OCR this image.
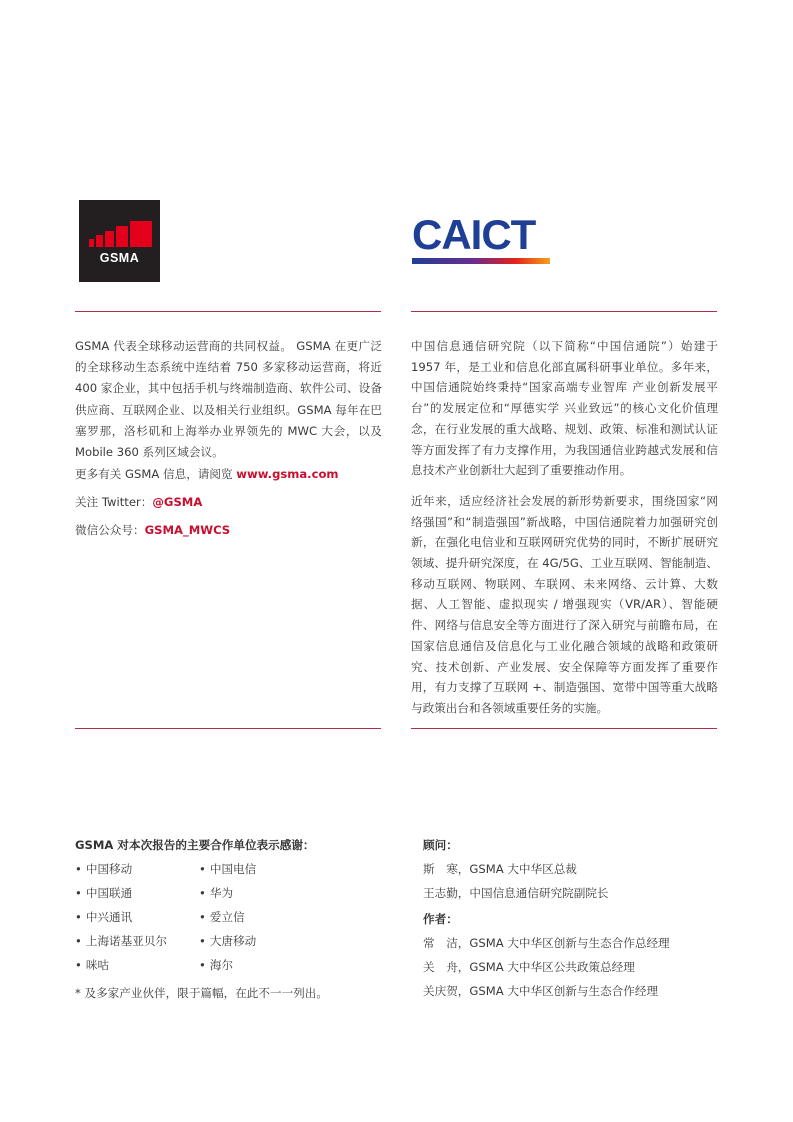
GSMA	CAICT

GSMA 代表全球移动运营商的共同权益。 GSMA 在更广泛的全球移动生态系统中连结着 750 多家移动运营商，将近 400 家企业，其中包括手机与终端制造商、软件公司、设备供应商、互联网企业、以及相关行业组织。GSMA 每年在巴塞罗那，洛杉矶和上海举办业界领先的 MWC 大会，以及 Mobile 360 系列区域会议。

更多有关 GSMA 信息，请阅览 www.gsma.com
关注 Twitter：@GSMA
微信公众号：GSMA_MWCS

中国信息通信研究院（以下简称“中国信通院”）始建于 1957 年，是工业和信息化部直属科研事业单位。多年来，中国信通院始终秉持“国家高端专业智库 产业创新发展平台”的发展定位和“厚德实学 兴业致远”的核心文化价值理念，在行业发展的重大战略、规划、政策、标准和测试认证等方面发挥了有力支撑作用，为我国通信业跨越式发展和信息技术产业创新壮大起到了重要推动作用。

近年来，适应经济社会发展的新形势新要求，围绕国家“网络强国”和“制造强国”新战略，中国信通院着力加强研究创新，在强化电信业和互联网研究优势的同时，不断扩展研究领域、提升研究深度，在 4G/5G、工业互联网、智能制造、移动互联网、物联网、车联网、未来网络、云计算、大数据、人工智能、虚拟现实 / 增强现实（VR/AR）、智能硬件、网络与信息安全等方面进行了深入研究与前瞻布局，在国家信息通信及信息化与工业化融合领域的战略和政策研究、技术创新、产业发展、安全保障等方面发挥了重要作用，有力支撑了互联网 +、制造强国、宽带中国等重大战略与政策出台和各领域重要任务的实施。

GSMA 对本次报告的主要合作单位表示感谢：
• 中国移动
• 中国联通
• 中兴通讯
• 上海诺基亚贝尔
• 咪咕
• 中国电信
• 华为
• 爱立信
• 大唐移动
• 海尔
* 及多家产业伙伴，限于篇幅，在此不一一列出。
顾问：
斯　寒，GSMA 大中华区总裁
王志勤，中国信息通信研究院副院长
作者：
常　洁，GSMA 大中华区创新与生态合作总经理
关　舟，GSMA 大中华区公共政策总经理
关庆贺，GSMA 大中华区创新与生态合作经理
